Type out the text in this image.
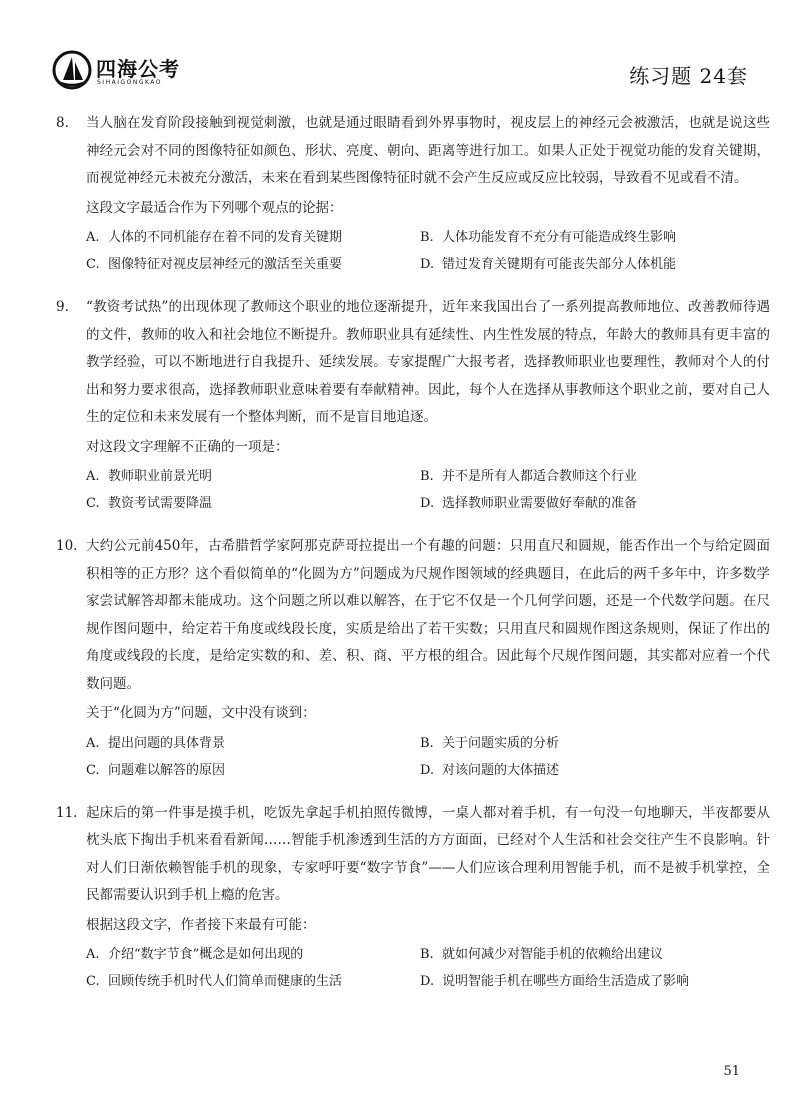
四海公考
SIHAIGONGKAO	练习题 24套
8.	当人脑在发育阶段接触到视觉刺激，也就是通过眼睛看到外界事物时，视皮层上的神经元会被激活，也就是说这些神经元会对不同的图像特征如颜色、形状、亮度、朝向、距离等进行加工。如果人正处于视觉功能的发育关键期，而视觉神经元未被充分激活，未来在看到某些图像特征时就不会产生反应或反应比较弱，导致看不见或看不清。

这段文字最适合作为下列哪个观点的论据：

A. 人体的不同机能存在着不同的发育关键期	B. 人体功能发育不充分有可能造成终生影响
C. 图像特征对视皮层神经元的激活至关重要	D. 错过发育关键期有可能丧失部分人体机能
9.	“教资考试热”的出现体现了教师这个职业的地位逐渐提升，近年来我国出台了一系列提高教师地位、改善教师待遇的文件，教师的收入和社会地位不断提升。教师职业具有延续性、内生性发展的特点，年龄大的教师具有更丰富的教学经验，可以不断地进行自我提升、延续发展。专家提醒广大报考者，选择教师职业也要理性，教师对个人的付出和努力要求很高，选择教师职业意味着要有奉献精神。因此，每个人在选择从事教师这个职业之前，要对自己人生的定位和未来发展有一个整体判断，而不是盲目地追逐。

对这段文字理解不正确的一项是：

A. 教师职业前景光明	B. 并不是所有人都适合教师这个行业
C. 教资考试需要降温	D. 选择教师职业需要做好奉献的准备
10. 大约公元前450年，古希腊哲学家阿那克萨哥拉提出一个有趣的问题：只用直尺和圆规，能否作出一个与给定圆面积相等的正方形？这个看似简单的“化圆为方”问题成为尺规作图领域的经典题目，在此后的两千多年中，许多数学家尝试解答却都未能成功。这个问题之所以难以解答，在于它不仅是一个几何学问题，还是一个代数学问题。在尺规作图问题中，给定若干角度或线段长度，实质是给出了若干实数；只用直尺和圆规作图这条规则，保证了作出的角度或线段的长度，是给定实数的和、差、积、商、平方根的组合。因此每个尺规作图问题，其实都对应着一个代数问题。

关于“化圆为方”问题，文中没有谈到：

A. 提出问题的具体背景	B. 关于问题实质的分析
C. 问题难以解答的原因	D. 对该问题的大体描述
11. 起床后的第一件事是摸手机，吃饭先拿起手机拍照传微博，一桌人都对着手机，有一句没一句地聊天，半夜都要从枕头底下掏出手机来看看新闻……智能手机渗透到生活的方方面面，已经对个人生活和社会交往产生不良影响。针对人们日渐依赖智能手机的现象，专家呼吁要“数字节食”——人们应该合理利用智能手机，而不是被手机掌控，全民都需要认识到手机上瘾的危害。

根据这段文字，作者接下来最有可能：

A. 介绍“数字节食”概念是如何出现的	B. 就如何减少对智能手机的依赖给出建议
C. 回顾传统手机时代人们简单而健康的生活	D. 说明智能手机在哪些方面给生活造成了影响
51
